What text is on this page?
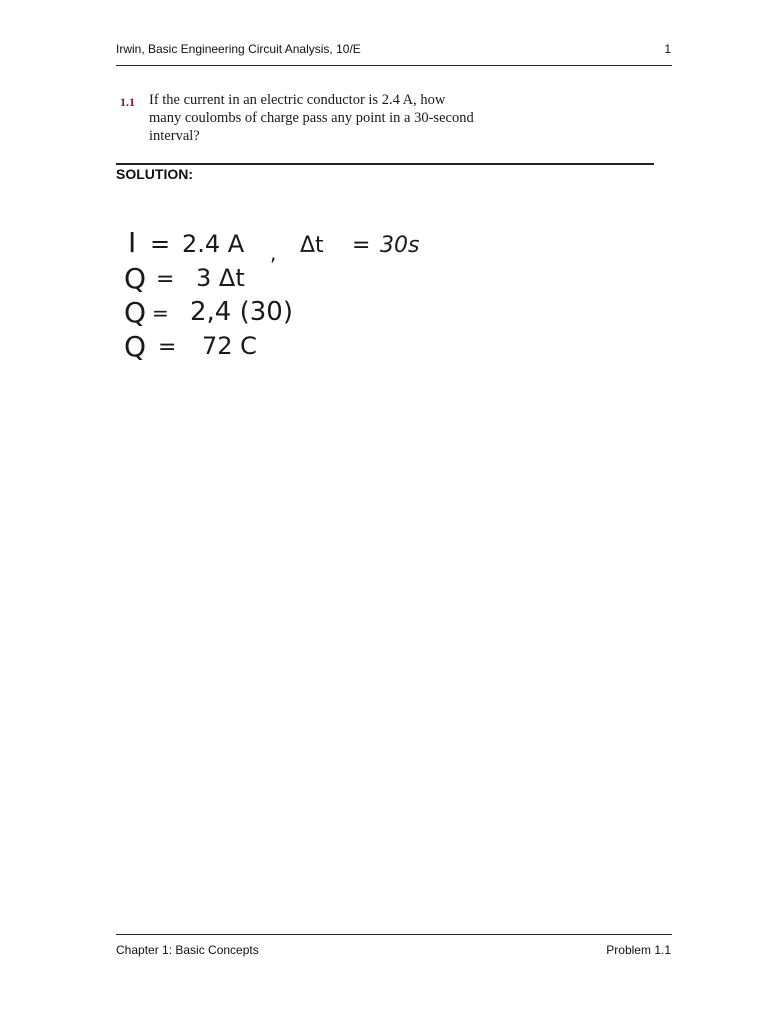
Irwin, Basic Engineering Circuit Analysis, 10/E	1
1.1 If the current in an electric conductor is 2.4 A, how
many coulombs of charge pass any point in a 30-second
interval?
SOLUTION:
I = 2.4 A , Δt = 30s
Q = 3 Δt
Q = 2,4 (30)
Q = 72 C
Chapter 1: Basic Concepts	Problem 1.1
